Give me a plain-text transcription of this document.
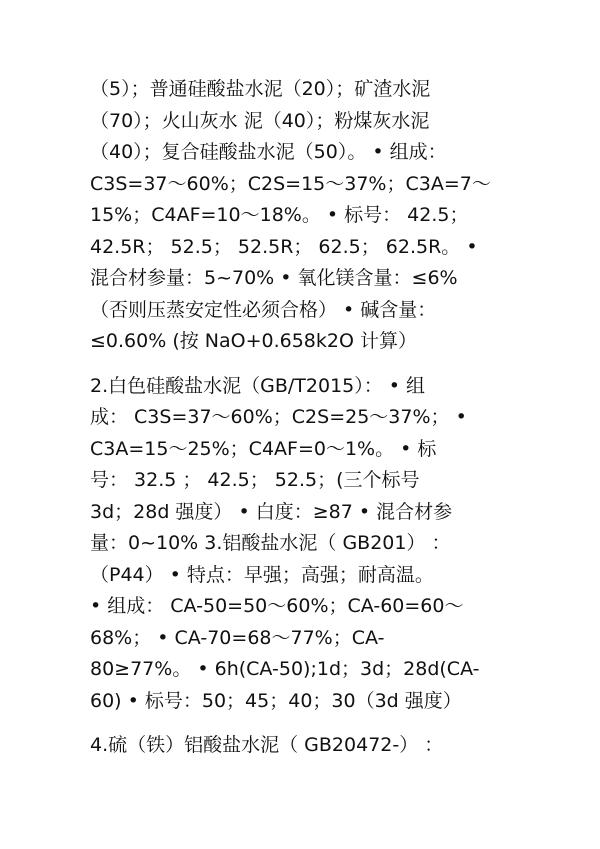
（5）；普通硅酸盐水泥（20）；矿渣水泥
（70）；火山灰水 泥（40）；粉煤灰水泥
（40）；复合硅酸盐水泥（50）。 • 组成：
C3S=37～60%；C2S=15～37%；C3A=7～
15%；C4AF=10～18%。 • 标号： 42.5；
42.5R； 52.5； 52.5R； 62.5； 62.5R。 •
混合材参量：5~70% • 氧化镁含量：≤6%
（否则压蒸安定性必须合格） • 碱含量：
≤0.60% (按 NaO+0.658k2O 计算）
2.白色硅酸盐水泥（GB/T2015）： • 组
成： C3S=37～60%；C2S=25～37%； •
C3A=15～25%；C4AF=0～1%。 • 标
号： 32.5 ； 42.5； 52.5；(三个标号
3d；28d 强度） • 白度：≥87 • 混合材参
量：0~10% 3.铝酸盐水泥（ GB201） ：
（P44） • 特点：早强；高强；耐高温。
• 组成： CA-50=50～60%；CA-60=60～
68%； • CA-70=68～77%；CA-
80≥77%。 • 6h(CA-50);1d；3d；28d(CA-
60) • 标号：50；45；40；30（3d 强度）
4.硫（铁）铝酸盐水泥（ GB20472-） ：
